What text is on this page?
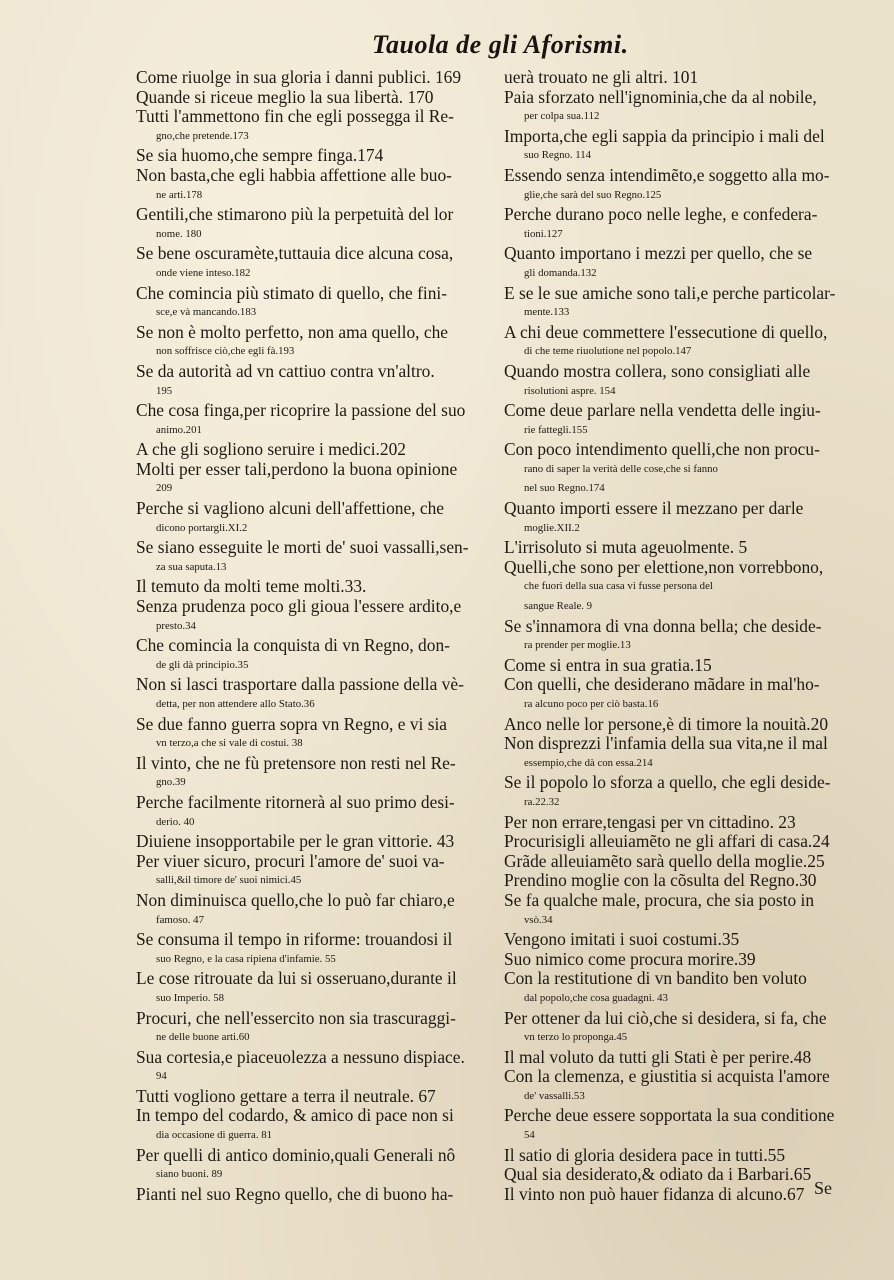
Tauola de gli Aforismi.
Come riuolge in sua gloria i danni publici. 169
Quande si riceue meglio la sua libertà. 170
Tutti l'ammettono fin che egli possegga il Re-
gno,che pretende.173
Se sia huomo,che sempre finga.174
Non basta,che egli habbia affettione alle buo-
ne arti.178
Gentili,che stimarono più la perpetuità del lor
nome. 180
Se bene oscuramète,tuttauia dice alcuna cosa,
onde viene inteso.182
Che comincia più stimato di quello, che fini-
sce,e và mancando.183
Se non è molto perfetto, non ama quello, che
non soffrisce ciò,che egli fà.193
Se da autorità ad vn cattiuo contra vn'altro.
195
Che cosa finga,per ricoprire la passione del suo
animo.201
A che gli sogliono seruire i medici.202
Molti per esser tali,perdono la buona opinione
209
Perche si vagliono alcuni dell'affettione, che
dicono portargli.XI.2
Se siano esseguite le morti de' suoi vassalli,sen-
za sua saputa.13
Il temuto da molti teme molti.33.
Senza prudenza poco gli gioua l'essere ardito,e
presto.34
Che comincia la conquista di vn Regno, don-
de gli dà principio.35
Non si lasci trasportare dalla passione della vè-
detta, per non attendere allo Stato.36
Se due fanno guerra sopra vn Regno, e vi sia
vn terzo,a che si vale di costui. 38
Il vinto, che ne fù pretensore non resti nel Re-
gno.39
Perche facilmente ritornerà al suo primo desi-
derio. 40
Diuiene insopportabile per le gran vittorie. 43
Per viuer sicuro, procuri l'amore de' suoi va-
salli,&il timore de' suoi nimici.45
Non diminuisca quello,che lo può far chiaro,e
famoso. 47
Se consuma il tempo in riforme: trouandosi il
suo Regno, e la casa ripiena d'infamie. 55
Le cose ritrouate da lui si osseruano,durante il
suo Imperio. 58
Procuri, che nell'essercito non sia trascuraggi-
ne delle buone arti.60
Sua cortesia,e piaceuolezza a nessuno dispiace.
94
Tutti vogliono gettare a terra il neutrale. 67
In tempo del codardo, & amico di pace non si
dia occasione di guerra. 81
Per quelli di antico dominio,quali Generali nô
siano buoni. 89
Pianti nel suo Regno quello, che di buono ha-
uerà trouato ne gli altri. 101
Paia sforzato nell'ignominia,che da al nobile,
per colpa sua.112
Importa,che egli sappia da principio i mali del
suo Regno. 114
Essendo senza intendimẽto,e soggetto alla mo-
glie,che sarà del suo Regno.125
Perche durano poco nelle leghe, e confedera-
tioni.127
Quanto importano i mezzi per quello, che se
gli domanda.132
E se le sue amiche sono tali,e perche particolar-
mente.133
A chi deue commettere l'essecutione di quello,
di che teme riuolutione nel popolo.147
Quando mostra collera, sono consigliati alle
risolutioni aspre. 154
Come deue parlare nella vendetta delle ingiu-
rie fattegli.155
Con poco intendimento quelli,che non procu-
rano di saper la verità delle cose,che si fanno
nel suo Regno.174
Quanto importi essere il mezzano per darle
moglie.XII.2
L'irrisoluto si muta ageuolmente. 5
Quelli,che sono per elettione,non vorrebbono,
che fuori della sua casa vi fusse persona del
sangue Reale. 9
Se s'innamora di vna donna bella; che deside-
ra prender per moglie.13
Come si entra in sua gratia.15
Con quelli, che desiderano mãdare in mal'ho-
ra alcuno poco per ciò basta.16
Anco nelle lor persone,è di timore la nouità.20
Non disprezzi l'infamia della sua vita,ne il mal
essempio,che dà con essa.214
Se il popolo lo sforza a quello, che egli deside-
ra.22.32
Per non errare,tengasi per vn cittadino. 23
Procurisigli alleuiamẽto ne gli affari di casa.24
Grãde alleuiamẽto sarà quello della moglie.25
Prendino moglie con la cõsulta del Regno.30
Se fa qualche male, procura, che sia posto in
vsò.34
Vengono imitati i suoi costumi.35
Suo nimico come procura morire.39
Con la restitutione di vn bandito ben voluto
dal popolo,che cosa guadagni. 43
Per ottener da lui ciò,che si desidera, si fa, che
vn terzo lo proponga.45
Il mal voluto da tutti gli Stati è per perire.48
Con la clemenza, e giustitia si acquista l'amore
de' vassalli.53
Perche deue essere sopportata la sua conditione
54
Il satio di gloria desidera pace in tutti.55
Qual sia desiderato,& odiato da i Barbari.65
Il vinto non può hauer fidanza di alcuno.67 Se
